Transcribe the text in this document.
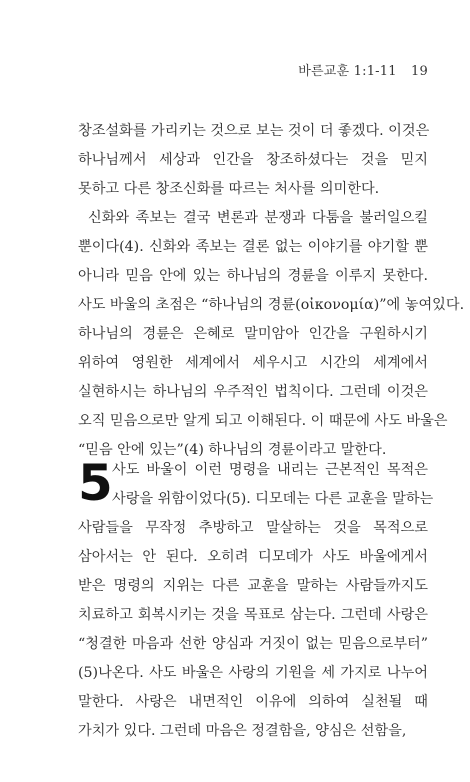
바른교훈 1:1-11 19
창조설화를 가리키는 것으로 보는 것이 더 좋겠다. 이것은
하나님께서 세상과 인간을 창조하셨다는 것을 믿지
못하고 다른 창조신화를 따르는 처사를 의미한다.
신화와 족보는 결국 변론과 분쟁과 다툼을 불러일으킬
뿐이다(4). 신화와 족보는 결론 없는 이야기를 야기할 뿐
아니라 믿음 안에 있는 하나님의 경륜을 이루지 못한다.
사도 바울의 초점은 “하나님의 경륜(οἰκονομία)”에 놓여있다.
하나님의 경륜은 은혜로 말미암아 인간을 구원하시기
위하여 영원한 세계에서 세우시고 시간의 세계에서
실현하시는 하나님의 우주적인 법칙이다. 그런데 이것은
오직 믿음으로만 알게 되고 이해된다. 이 때문에 사도 바울은
“믿음 안에 있는”(4) 하나님의 경륜이라고 말한다.
5 사도 바울이 이런 명령을 내리는 근본적인 목적은
사랑을 위함이었다(5). 디모데는 다른 교훈을 말하는
사람들을 무작정 추방하고 말살하는 것을 목적으로
삼아서는 안 된다. 오히려 디모데가 사도 바울에게서
받은 명령의 지위는 다른 교훈을 말하는 사람들까지도
치료하고 회복시키는 것을 목표로 삼는다. 그런데 사랑은
“청결한 마음과 선한 양심과 거짓이 없는 믿음으로부터”
(5)나온다. 사도 바울은 사랑의 기원을 세 가지로 나누어
말한다. 사랑은 내면적인 이유에 의하여 실천될 때
가치가 있다. 그런데 마음은 정결함을, 양심은 선함을,
